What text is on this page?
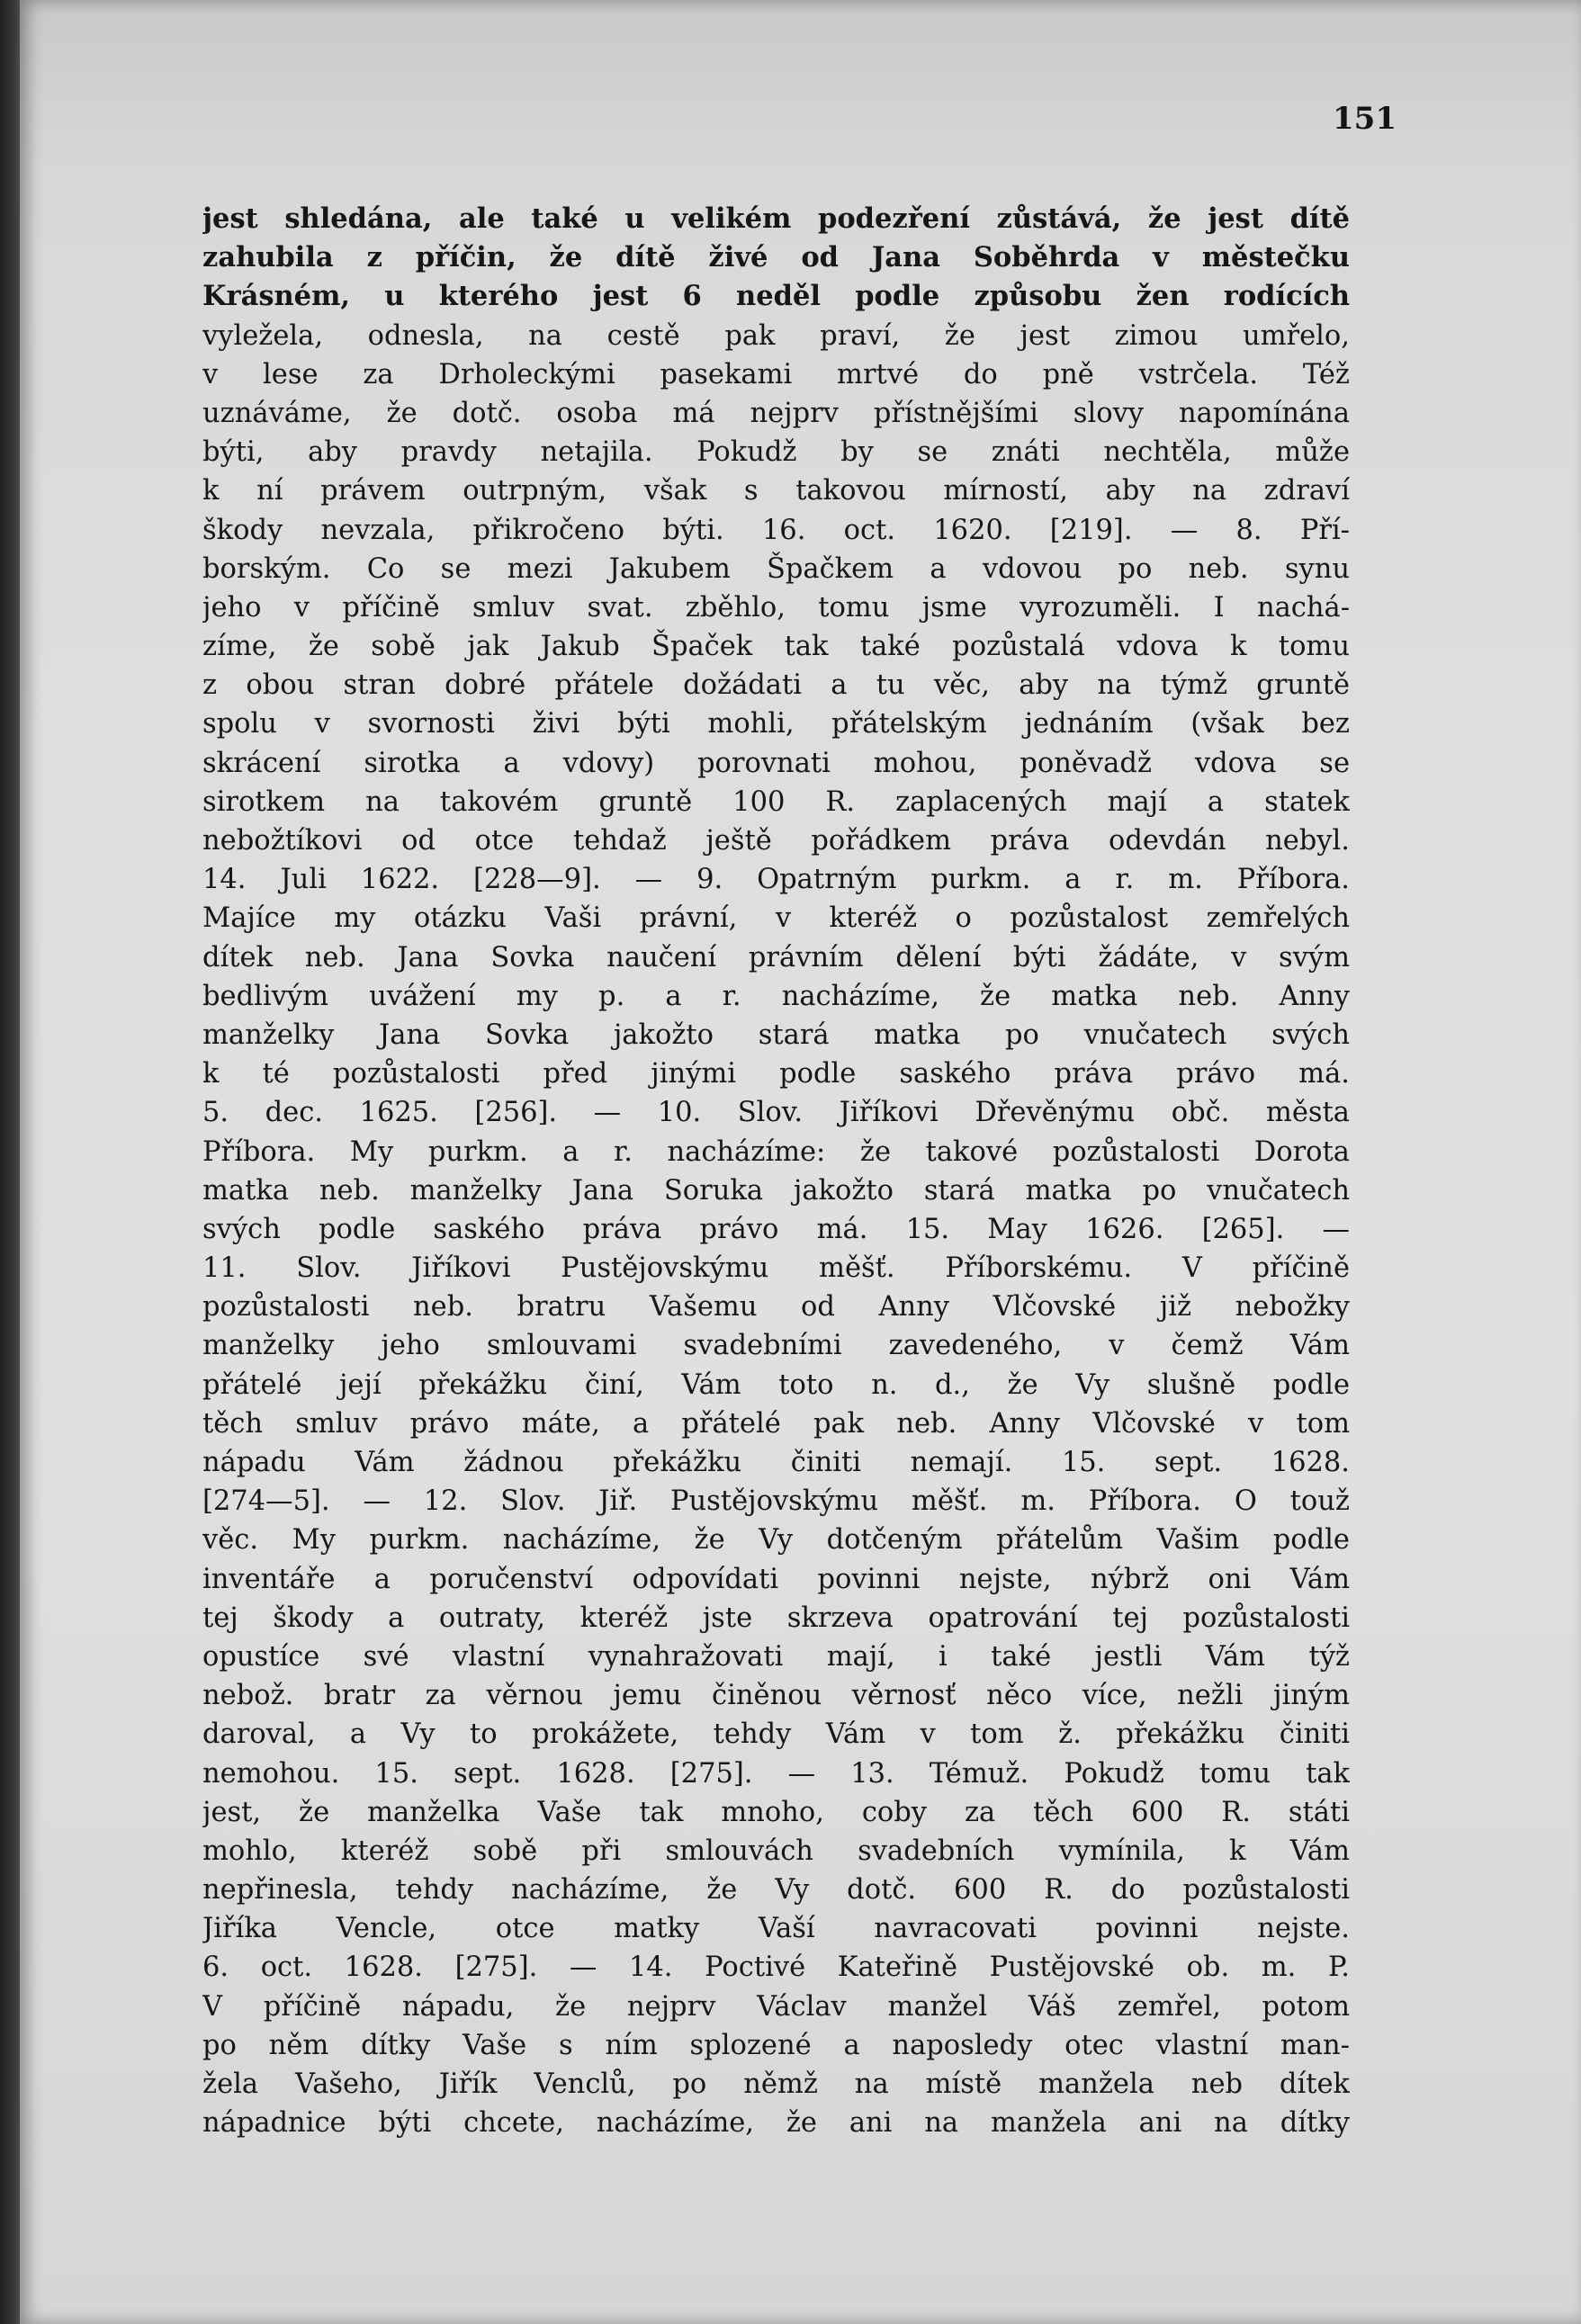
151
jest shledána, ale také u velikém podezření zůstává, že jest dítě
zahubila z příčin, že dítě živé od Jana Soběhrda v městečku
Krásném, u kterého jest 6 neděl podle způsobu žen rodících
vyležela, odnesla, na cestě pak praví, že jest zimou umřelo,
v lese za Drholeckými pasekami mrtvé do pně vstrčela. Též
uznáváme, že dotč. osoba má nejprv přístnějšími slovy napomínána
býti, aby pravdy netajila. Pokudž by se znáti nechtěla, může
k ní právem outrpným, však s takovou mírností, aby na zdraví
škody nevzala, přikročeno býti. 16. oct. 1620. [219]. — 8. Pří-
borským. Co se mezi Jakubem Špačkem a vdovou po neb. synu
jeho v příčině smluv svat. zběhlo, tomu jsme vyrozuměli. I nachá-
zíme, že sobě jak Jakub Špaček tak také pozůstalá vdova k tomu
z obou stran dobré přátele dožádati a tu věc, aby na týmž gruntě
spolu v svornosti živi býti mohli, přátelským jednáním (však bez
skrácení sirotka a vdovy) porovnati mohou, poněvadž vdova se
sirotkem na takovém gruntě 100 R. zaplacených mají a statek
nebožtíkovi od otce tehdaž ještě pořádkem práva odevdán nebyl.
14. Juli 1622. [228—9]. — 9. Opatrným purkm. a r. m. Příbora.
Majíce my otázku Vaši právní, v kteréž o pozůstalost zemřelých
dítek neb. Jana Sovka naučení právním dělení býti žádáte, v svým
bedlivým uvážení my p. a r. nacházíme, že matka neb. Anny
manželky Jana Sovka jakožto stará matka po vnučatech svých
k té pozůstalosti před jinými podle saského práva právo má.
5. dec. 1625. [256]. — 10. Slov. Jiříkovi Dřevěnýmu obč. města
Příbora. My purkm. a r. nacházíme: že takové pozůstalosti Dorota
matka neb. manželky Jana Soruka jakožto stará matka po vnučatech
svých podle saského práva právo má. 15. May 1626. [265]. —
11. Slov. Jiříkovi Pustějovskýmu měšť. Příborskému. V příčině
pozůstalosti neb. bratru Vašemu od Anny Vlčovské již nebožky
manželky jeho smlouvami svadebními zavedeného, v čemž Vám
přátelé její překážku činí, Vám toto n. d., že Vy slušně podle
těch smluv právo máte, a přátelé pak neb. Anny Vlčovské v tom
nápadu Vám žádnou překážku činiti nemají. 15. sept. 1628.
[274—5]. — 12. Slov. Jiř. Pustějovskýmu měšť. m. Příbora. O touž
věc. My purkm. nacházíme, že Vy dotčeným přátelům Vašim podle
inventáře a poručenství odpovídati povinni nejste, nýbrž oni Vám
tej škody a outraty, kteréž jste skrzeva opatrování tej pozůstalosti
opustíce své vlastní vynahražovati mají, i také jestli Vám týž
nebož. bratr za věrnou jemu činěnou věrnosť něco více, nežli jiným
daroval, a Vy to prokážete, tehdy Vám v tom ž. překážku činiti
nemohou. 15. sept. 1628. [275]. — 13. Témuž. Pokudž tomu tak
jest, že manželka Vaše tak mnoho, coby za těch 600 R. státi
mohlo, kteréž sobě při smlouvách svadebních vymínila, k Vám
nepřinesla, tehdy nacházíme, že Vy dotč. 600 R. do pozůstalosti
Jiříka Vencle, otce matky Vaší navracovati povinni nejste.
6. oct. 1628. [275]. — 14. Poctivé Kateřině Pustějovské ob. m. P.
V příčině nápadu, že nejprv Václav manžel Váš zemřel, potom
po něm dítky Vaše s ním splozené a naposledy otec vlastní man-
žela Vašeho, Jiřík Venclů, po němž na místě manžela neb dítek
nápadnice býti chcete, nacházíme, že ani na manžela ani na dítky
